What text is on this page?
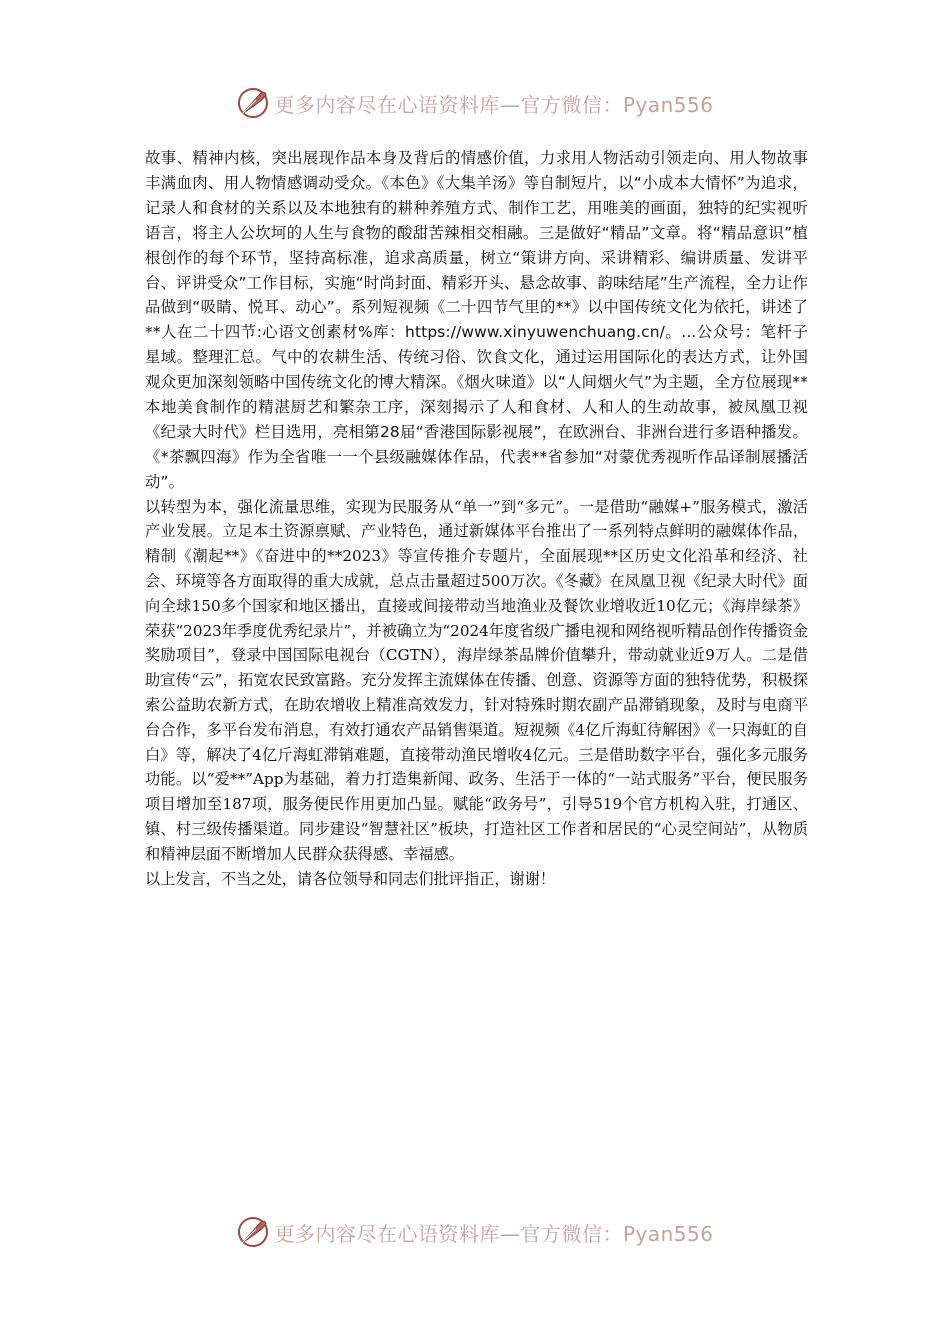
更多内容尽在心语资料库—官方微信：Pyan556

故事、精神内核，突出展现作品本身及背后的情感价值，力求用人物活动引领走向、用人物故事丰满血肉、用人物情感调动受众。《本色》《大集羊汤》等自制短片，以“小成本大情怀”为追求，记录人和食材的关系以及本地独有的耕种养殖方式、制作工艺，用唯美的画面，独特的纪实视听语言，将主人公坎坷的人生与食物的酸甜苦辣相交相融。三是做好“精品”文章。将“精品意识”植根创作的每个环节，坚持高标准，追求高质量，树立“策讲方向、采讲精彩、编讲质量、发讲平台、评讲受众”工作目标，实施“时尚封面、精彩开头、悬念故事、韵味结尾”生产流程，全力让作品做到“吸睛、悦耳、动心”。系列短视频《二十四节气里的**》以中国传统文化为依托，讲述了**人在二十四节:心语文创素材%库：https://www.xinyuwenchuang.cn/。...公众号：笔杆子星域。整理汇总。气中的农耕生活、传统习俗、饮食文化，通过运用国际化的表达方式，让外国观众更加深刻领略中国传统文化的博大精深。《烟火味道》以“人间烟火气”为主题，全方位展现**本地美食制作的精湛厨艺和繁杂工序，深刻揭示了人和食材、人和人的生动故事，被凤凰卫视《纪录大时代》栏目选用，亮相第28届“香港国际影视展”，在欧洲台、非洲台进行多语种播发。《*茶飘四海》作为全省唯一一个县级融媒体作品，代表**省参加“对蒙优秀视听作品译制展播活动”。

以转型为本，强化流量思维，实现为民服务从“单一”到“多元”。一是借助“融媒+”服务模式，激活产业发展。立足本土资源禀赋、产业特色，通过新媒体平台推出了一系列特点鲜明的融媒体作品，精制《潮起**》《奋进中的**2023》等宣传推介专题片，全面展现**区历史文化沿革和经济、社会、环境等各方面取得的重大成就，总点击量超过500万次。《冬藏》在凤凰卫视《纪录大时代》面向全球150多个国家和地区播出，直接或间接带动当地渔业及餐饮业增收近10亿元；《海岸绿茶》荣获“2023年季度优秀纪录片”，并被确立为“2024年度省级广播电视和网络视听精品创作传播资金奖励项目”，登录中国国际电视台（CGTN），海岸绿茶品牌价值攀升，带动就业近9万人。二是借助宣传“云”，拓宽农民致富路。充分发挥主流媒体在传播、创意、资源等方面的独特优势，积极探索公益助农新方式，在助农增收上精准高效发力，针对特殊时期农副产品滞销现象，及时与电商平台合作，多平台发布消息，有效打通农产品销售渠道。短视频《4亿斤海虹待解困》《一只海虹的自白》等，解决了4亿斤海虹滞销难题，直接带动渔民增收4亿元。三是借助数字平台，强化多元服务功能。以“爱**”App为基础，着力打造集新闻、政务、生活于一体的“一站式服务”平台，便民服务项目增加至187项，服务便民作用更加凸显。赋能“政务号”，引导519个官方机构入驻，打通区、镇、村三级传播渠道。同步建设“智慧社区”板块，打造社区工作者和居民的“心灵空间站”，从物质和精神层面不断增加人民群众获得感、幸福感。

以上发言，不当之处，请各位领导和同志们批评指正，谢谢！

更多内容尽在心语资料库—官方微信：Pyan556
